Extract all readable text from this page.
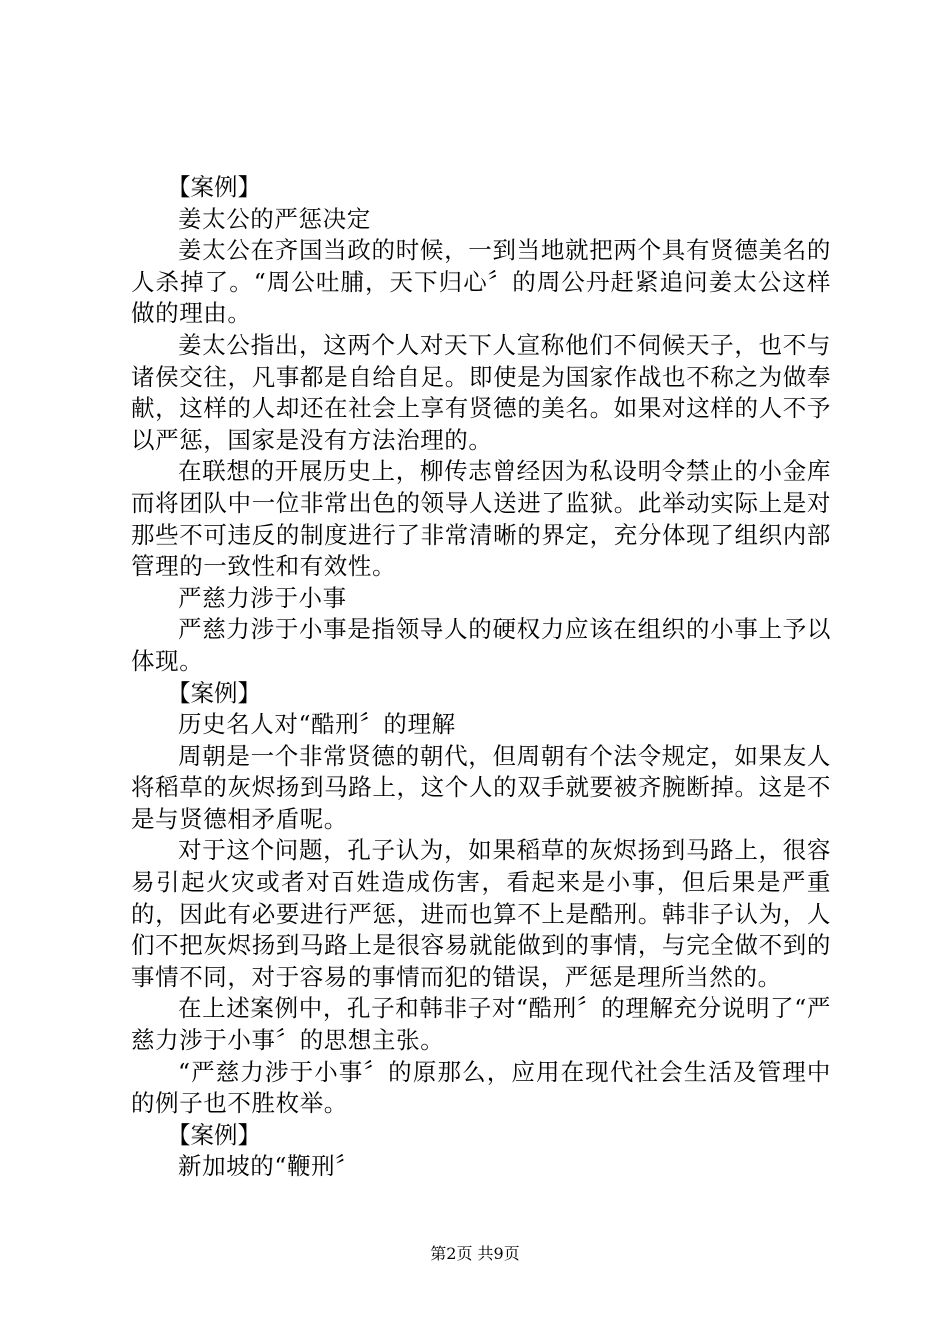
【案例】

姜太公的严惩决定

姜太公在齐国当政的时候，一到当地就把两个具有贤德美名的人杀掉了。“周公吐脯，天下归心〞的周公丹赶紧追问姜太公这样做的理由。

姜太公指出，这两个人对天下人宣称他们不伺候天子，也不与诸侯交往，凡事都是自给自足。即使是为国家作战也不称之为做奉献，这样的人却还在社会上享有贤德的美名。如果对这样的人不予以严惩，国家是没有方法治理的。

在联想的开展历史上，柳传志曾经因为私设明令禁止的小金库而将团队中一位非常出色的领导人送进了监狱。此举动实际上是对那些不可违反的制度进行了非常清晰的界定，充分体现了组织内部管理的一致性和有效性。

严慈力涉于小事

严慈力涉于小事是指领导人的硬权力应该在组织的小事上予以体现。

【案例】

历史名人对“酷刑〞的理解

周朝是一个非常贤德的朝代，但周朝有个法令规定，如果友人将稻草的灰烬扬到马路上，这个人的双手就要被齐腕断掉。这是不是与贤德相矛盾呢。

对于这个问题，孔子认为，如果稻草的灰烬扬到马路上，很容易引起火灾或者对百姓造成伤害，看起来是小事，但后果是严重的，因此有必要进行严惩，进而也算不上是酷刑。韩非子认为，人们不把灰烬扬到马路上是很容易就能做到的事情，与完全做不到的事情不同，对于容易的事情而犯的错误，严惩是理所当然的。

在上述案例中，孔子和韩非子对“酷刑〞的理解充分说明了“严慈力涉于小事〞的思想主张。

“严慈力涉于小事〞的原那么，应用在现代社会生活及管理中的例子也不胜枚举。

【案例】

新加坡的“鞭刑〞

第2页 共9页
